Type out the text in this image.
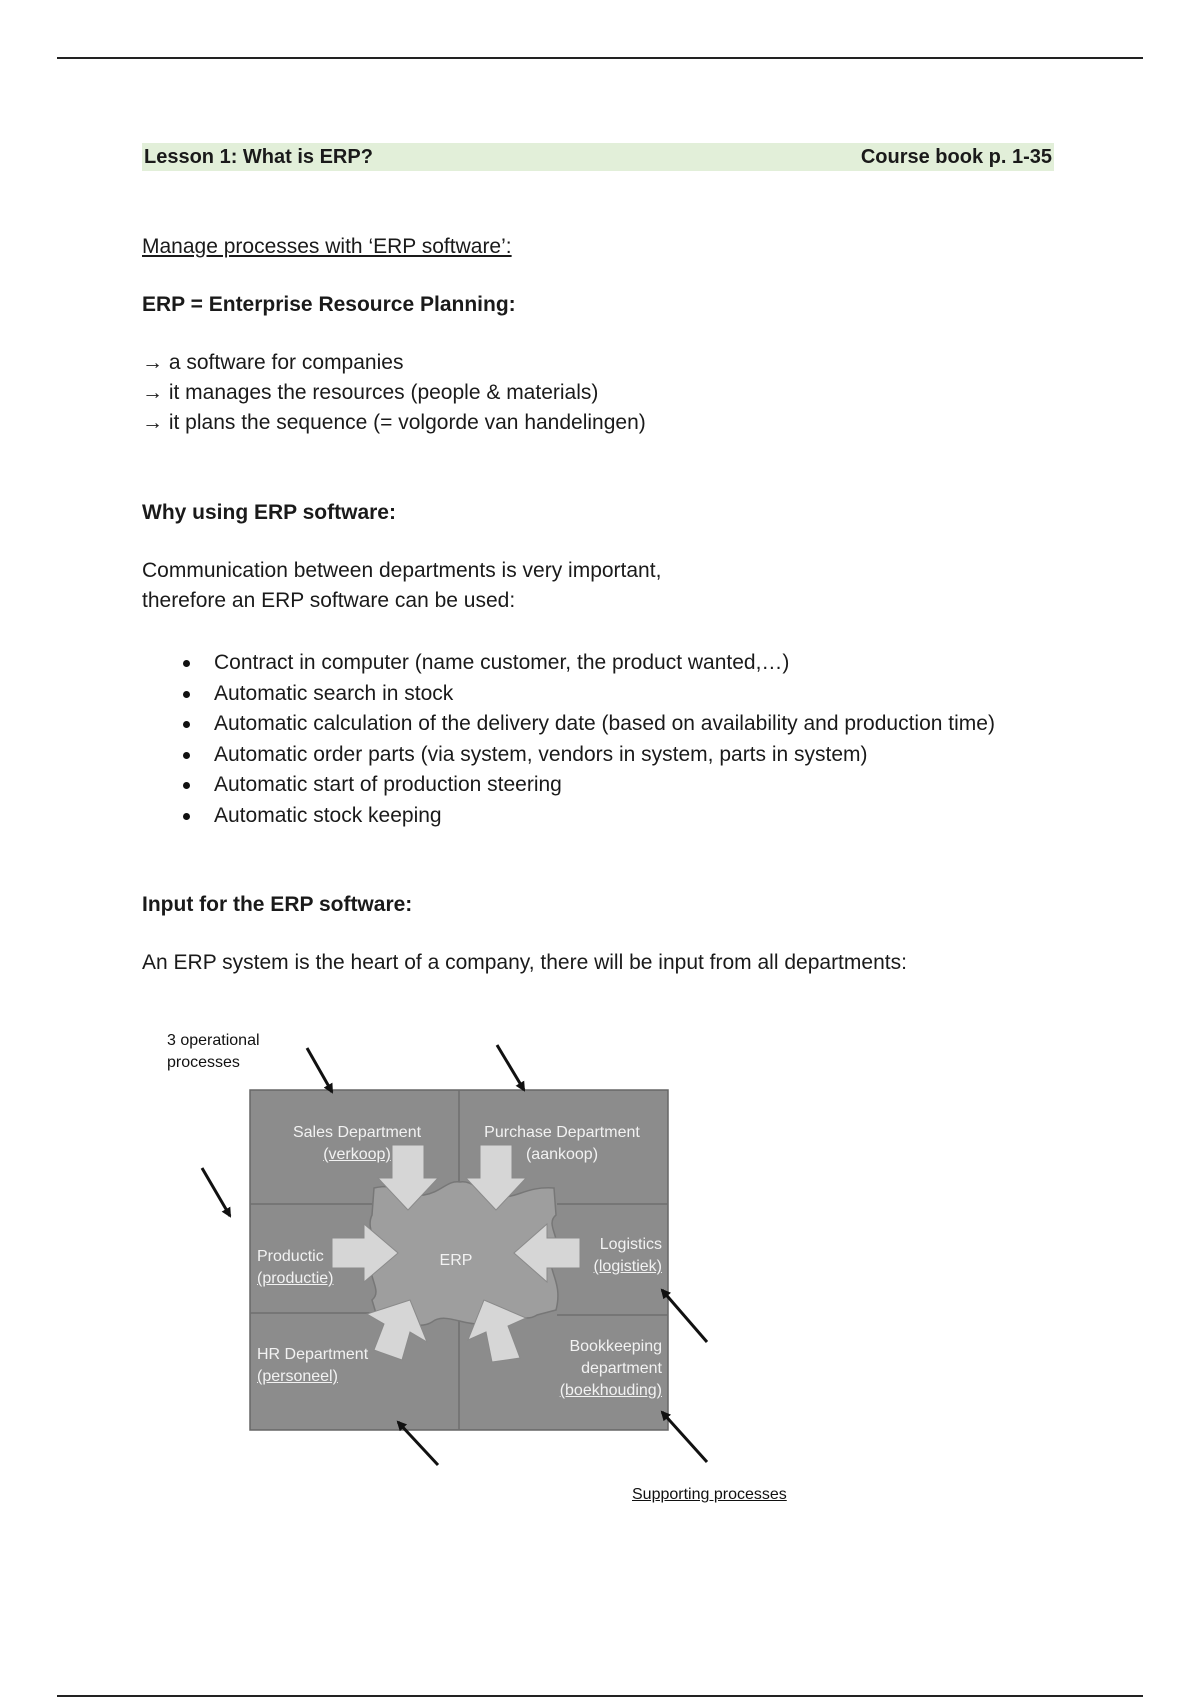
Lesson 1: What is ERP?	Course book p. 1-35
Manage processes with ‘ERP software’:
ERP = Enterprise Resource Planning:
→ a software for companies
→ it manages the resources (people & materials)
→ it plans the sequence (= volgorde van handelingen)
Why using ERP software:
Communication between departments is very important,
therefore an ERP software can be used:
Contract in computer (name customer, the product wanted,…)
Automatic search in stock
Automatic calculation of the delivery date (based on availability and production time)
Automatic order parts (via system, vendors in system, parts in system)
Automatic start of production steering
Automatic stock keeping
Input for the ERP software:
An ERP system is the heart of a company, there will be input from all departments:
3 operational
processes
Sales Department
(verkoop)
Purchase Department
(aankoop)
Productic
(productie)
ERP
Logistics
(logistiek)
HR Department
(personeel)
Bookkeeping
department
(boekhouding)
Supporting processes
